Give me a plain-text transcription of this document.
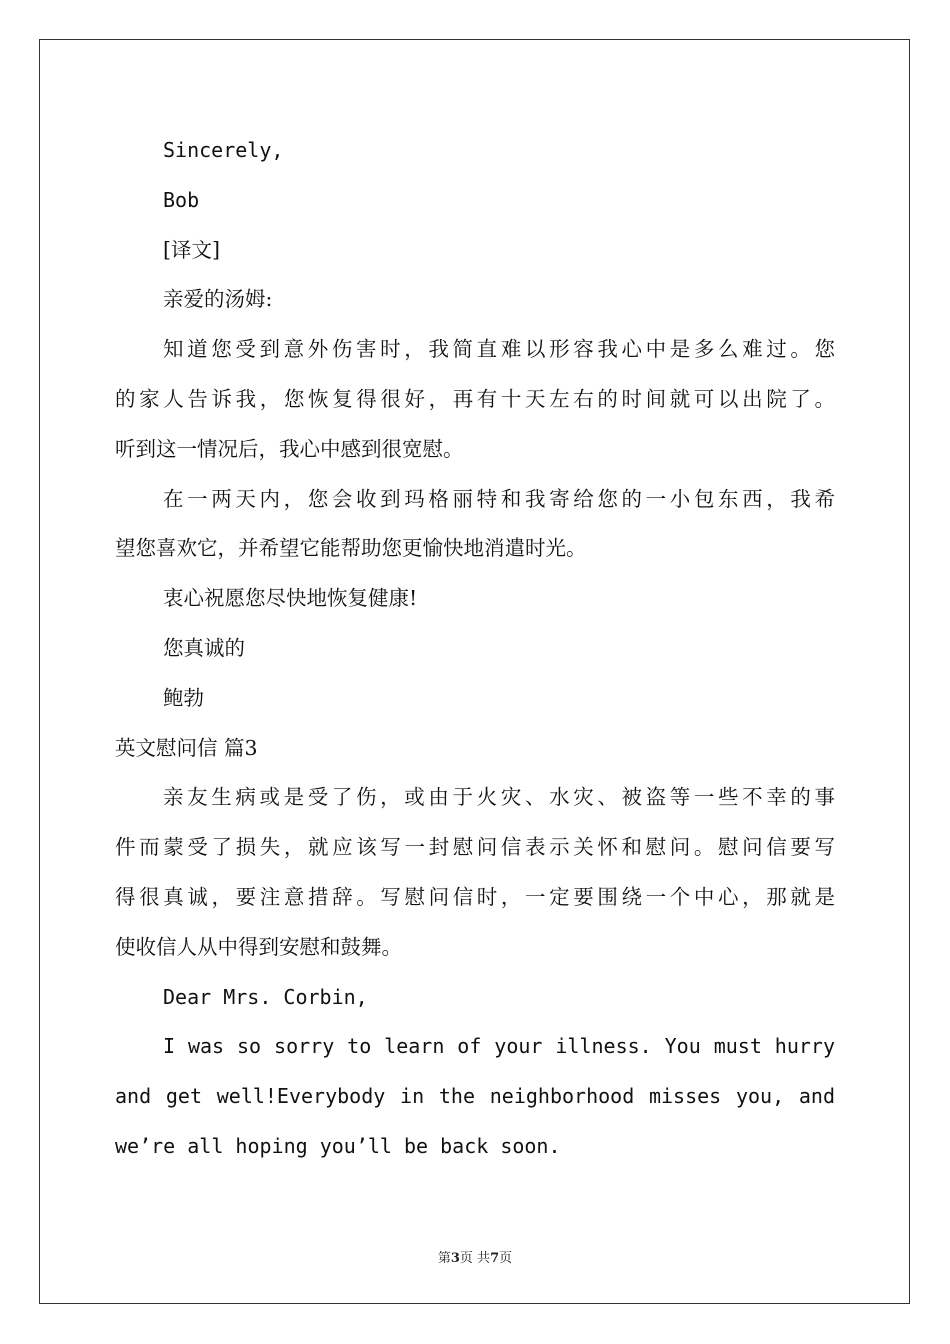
Sincerely,
Bob
[译文]
亲爱的汤姆:
知道您受到意外伤害时，我简直难以形容我心中是多么难过。您
的家人告诉我，您恢复得很好，再有十天左右的时间就可以出院了。
听到这一情况后，我心中感到很宽慰。
在一两天内，您会收到玛格丽特和我寄给您的一小包东西，我希
望您喜欢它，并希望它能帮助您更愉快地消遣时光。
衷心祝愿您尽快地恢复健康!
您真诚的
鲍勃
英文慰问信 篇3
亲友生病或是受了伤，或由于火灾、水灾、被盗等一些不幸的事
件而蒙受了损失，就应该写一封慰问信表示关怀和慰问。慰问信要写
得很真诚，要注意措辞。写慰问信时，一定要围绕一个中心，那就是
使收信人从中得到安慰和鼓舞。
Dear Mrs. Corbin,
I was so sorry to learn of your illness. You must hurry
and get well!Everybody in the neighborhood misses you, and
we’re all hoping you’ll be back soon.
第3页 共7页
